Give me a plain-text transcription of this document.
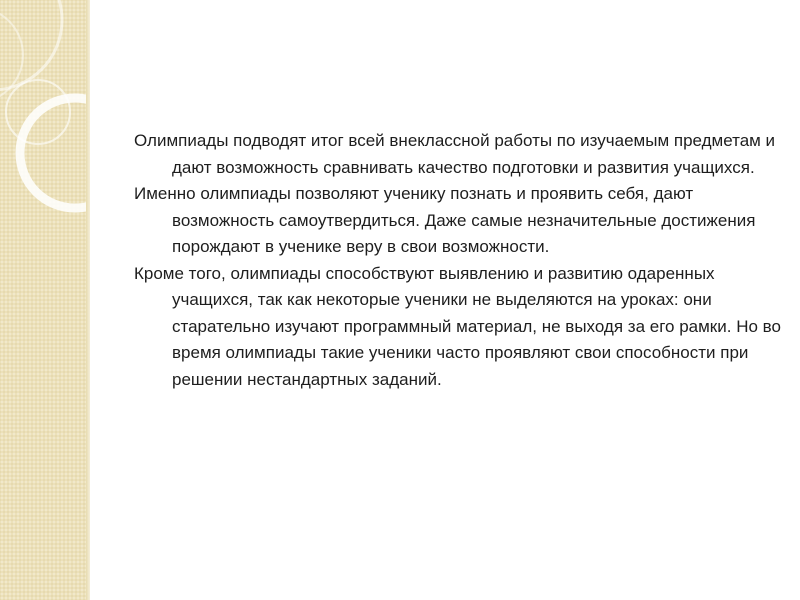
Олимпиады подводят итог всей внеклассной работы по изучаемым предметам и дают возможность сравнивать качество подготовки и развития учащихся.

Именно олимпиады позволяют ученику познать и проявить себя, дают возможность самоутвердиться. Даже самые незначительные достижения порождают в ученике веру в свои возможности.

Кроме того, олимпиады способствуют выявлению и развитию одаренных учащихся, так как некоторые ученики не выделяются на уроках: они старательно изучают программный материал, не выходя за его рамки. Но во время олимпиады такие ученики часто проявляют свои способности при решении нестандартных заданий.
